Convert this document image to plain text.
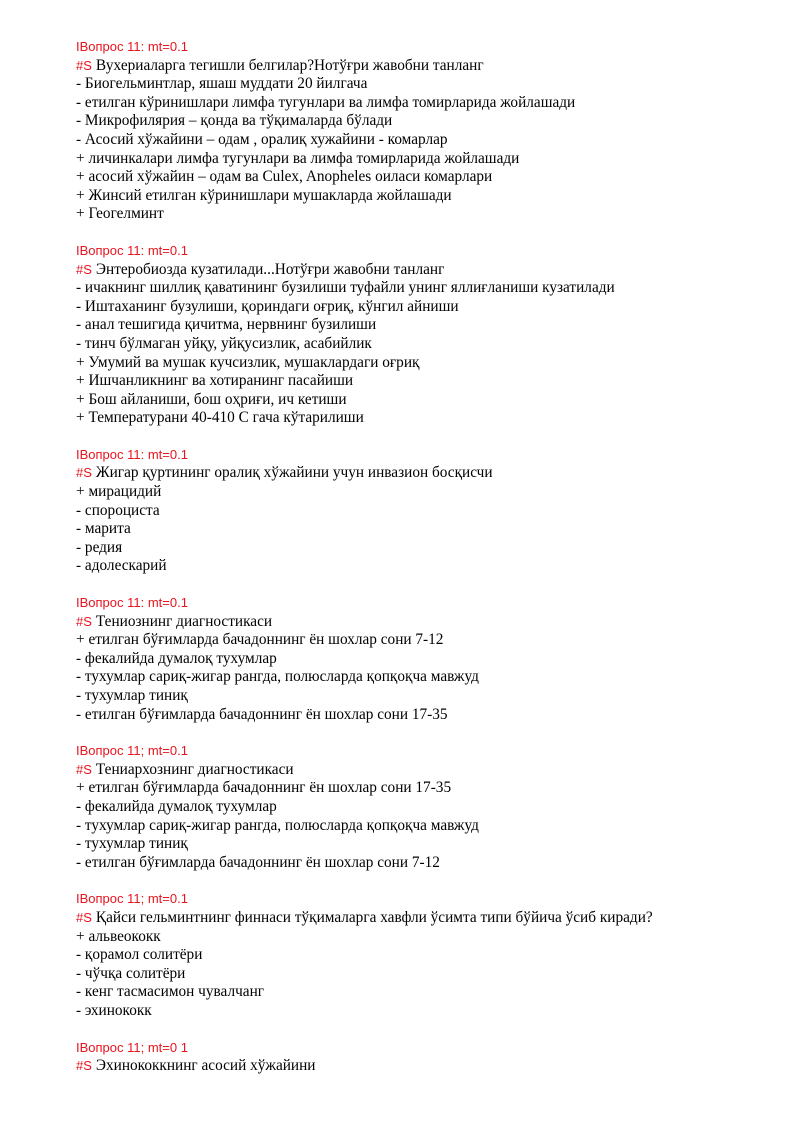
IВопрос 11: mt=0.1
#S Вухериаларга тегишли белгилар?Нотўғри жавобни танланг
- Биогельминтлар, яшаш муддати 20 йилгача
- етилган кўринишлари лимфа тугунлари ва лимфа томирларида жойлашади
- Микрофилярия – қонда ва тўқималарда бўлади
- Асосий хўжайини – одам , оралиқ хужайини - комарлар
+ личинкалари лимфа тугунлари ва лимфа томирларида жойлашади
+ асосий хўжайин – одам ва Culex, Anopheles оиласи комарлари
+ Жинсий етилган кўринишлари мушакларда жойлашади
+ Геогелминт
IВопрос 11: mt=0.1
#S Энтеробиозда кузатилади...Нотўғри жавобни танланг
- ичакнинг шиллиқ қаватининг бузилиши туфайли унинг яллиғланиши кузатилади
- Иштаханинг бузулиши, қориндаги оғриқ, кўнгил айниши
- анал тешигида қичитма, нервнинг бузилиши
- тинч бўлмаган уйқу, уйқусизлик, асабийлик
+ Умумий ва мушак кучсизлик, мушаклардаги оғриқ
+ Ишчанликнинг ва хотиранинг пасайиши
+ Бош айланиши, бош оҳриғи, ич кетиши
+ Температурани 40-410 С гача кўтарилиши
IВопрос 11: mt=0.1
#S Жигар қуртининг оралиқ хўжайини учун инвазион босқисчи
+ мирацидий
- спороциста
- марита
- редия
- адолескарий
IВопрос 11: mt=0.1
#S Тениознинг диагностикаси
+ етилган бўғимларда бачадоннинг ён шохлар сони 7-12
- фекалийда думалоқ тухумлар
- тухумлар сариқ-жигар рангда, полюсларда қопқоқча мавжуд
- тухумлар тиниқ
- етилган бўғимларда бачадоннинг ён шохлар сони 17-35
IВопрос 11; mt=0.1
#S Тениархознинг диагностикаси
+ етилган бўғимларда бачадоннинг ён шохлар сони 17-35
- фекалийда думалоқ тухумлар
- тухумлар сариқ-жигар рангда, полюсларда қопқоқча мавжуд
- тухумлар тиниқ
- етилган бўғимларда бачадоннинг ён шохлар сони 7-12
IВопрос 11; mt=0.1
#S Қайси гельминтнинг финнаси тўқималарга хавфли ўсимта типи бўйича ўсиб киради?
+ альвеококк
- қорамол солитёри
- чўчқа солитёри
- кенг тасмасимон чувалчанг
- эхинококк
IВопрос 11; mt=0 1
#S Эхинококкнинг асосий хўжайини
